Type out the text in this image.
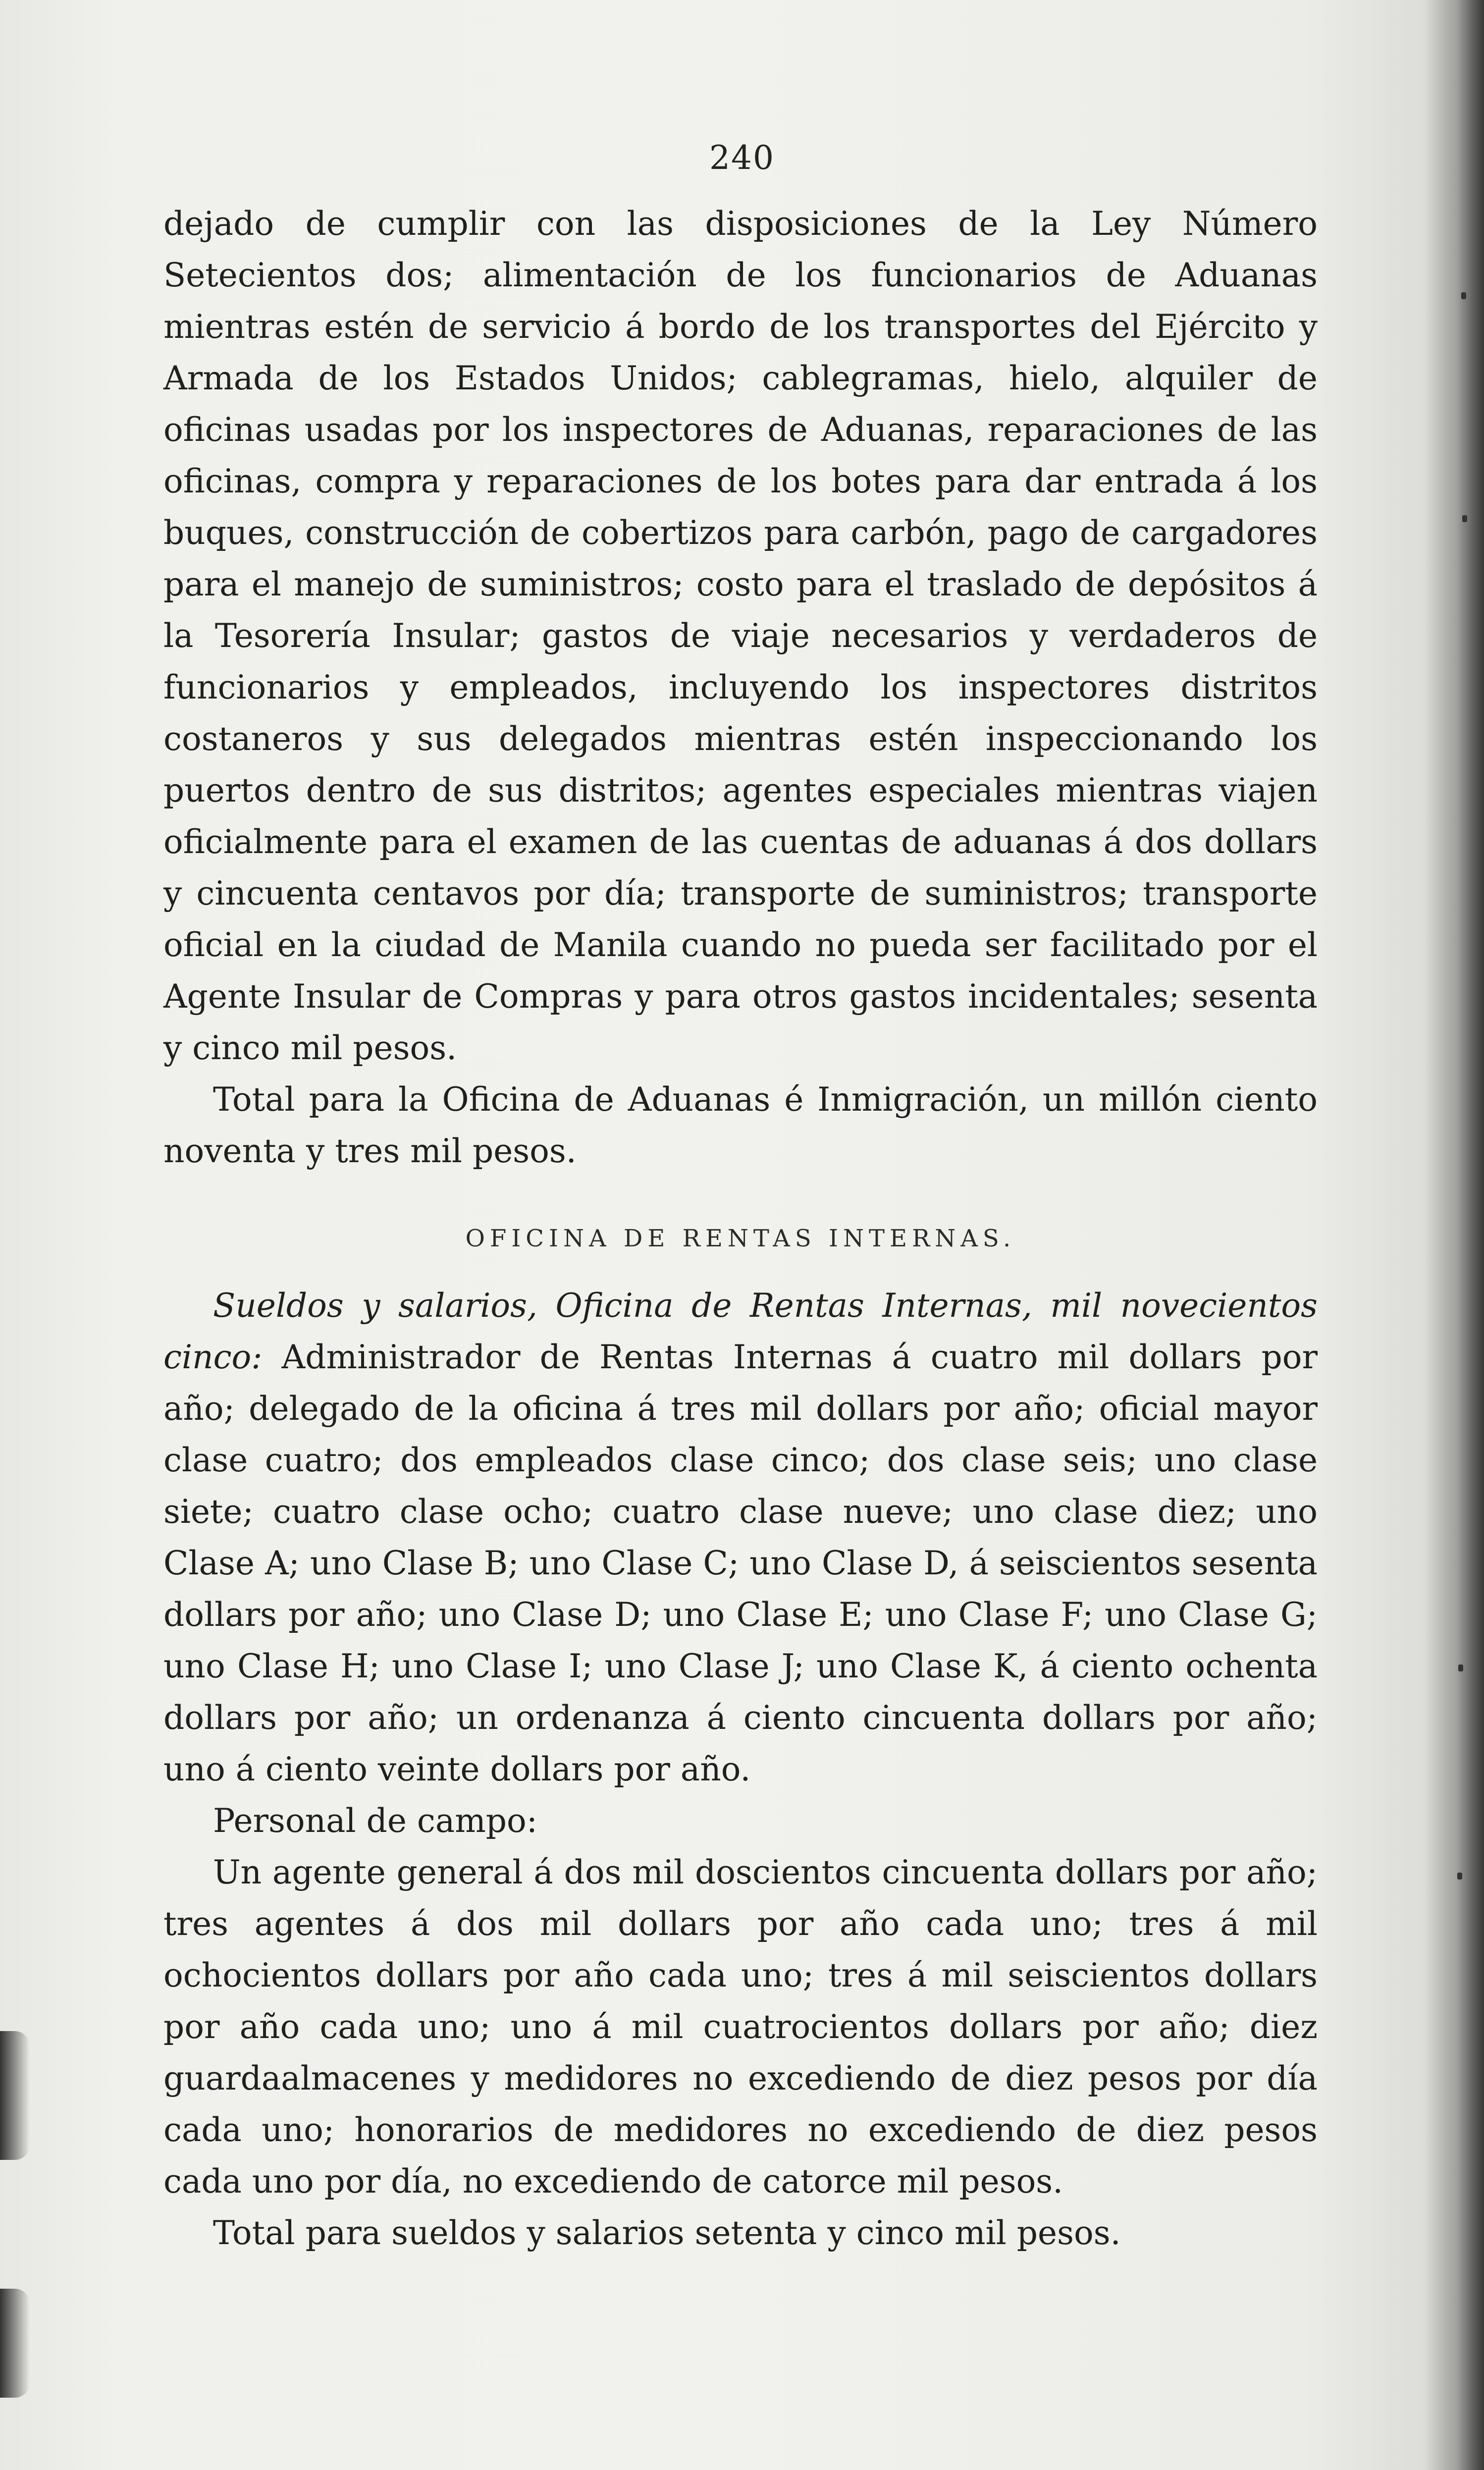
240

dejado de cumplir con las disposiciones de la Ley Número Setecientos dos; alimentación de los funcionarios de Aduanas mientras estén de servicio á bordo de los transportes del Ejército y Armada de los Estados Unidos; cablegramas, hielo, alquiler de oficinas usadas por los inspectores de Aduanas, reparaciones de las oficinas, compra y reparaciones de los botes para dar entrada á los buques, construcción de cobertizos para carbón, pago de cargadores para el manejo de suministros; costo para el traslado de depósitos á la Tesorería Insular; gastos de viaje necesarios y verdaderos de funcionarios y empleados, incluyendo los inspectores distritos costaneros y sus delegados mientras estén inspeccionando los puertos dentro de sus distritos; agentes especiales mientras viajen oficialmente para el examen de las cuentas de aduanas á dos dollars y cincuenta centavos por día; transporte de suministros; transporte oficial en la ciudad de Manila cuando no pueda ser facilitado por el Agente Insular de Compras y para otros gastos incidentales; sesenta y cinco mil pesos.

Total para la Oficina de Aduanas é Inmigración, un millón ciento noventa y tres mil pesos.

OFICINA DE RENTAS INTERNAS.

Sueldos y salarios, Oficina de Rentas Internas, mil novecientos cinco: Administrador de Rentas Internas á cuatro mil dollars por año; delegado de la oficina á tres mil dollars por año; oficial mayor clase cuatro; dos empleados clase cinco; dos clase seis; uno clase siete; cuatro clase ocho; cuatro clase nueve; uno clase diez; uno Clase A; uno Clase B; uno Clase C; uno Clase D, á seiscientos sesenta dollars por año; uno Clase D; uno Clase E; uno Clase F; uno Clase G; uno Clase H; uno Clase I; uno Clase J; uno Clase K, á ciento ochenta dollars por año; un ordenanza á ciento cincuenta dollars por año; uno á ciento veinte dollars por año.

Personal de campo:

Un agente general á dos mil doscientos cincuenta dollars por año; tres agentes á dos mil dollars por año cada uno; tres á mil ochocientos dollars por año cada uno; tres á mil seiscientos dollars por año cada uno; uno á mil cuatrocientos dollars por año; diez guardaalmacenes y medidores no excediendo de diez pesos por día cada uno; honorarios de medidores no excediendo de diez pesos cada uno por día, no excediendo de catorce mil pesos.

Total para sueldos y salarios setenta y cinco mil pesos.
